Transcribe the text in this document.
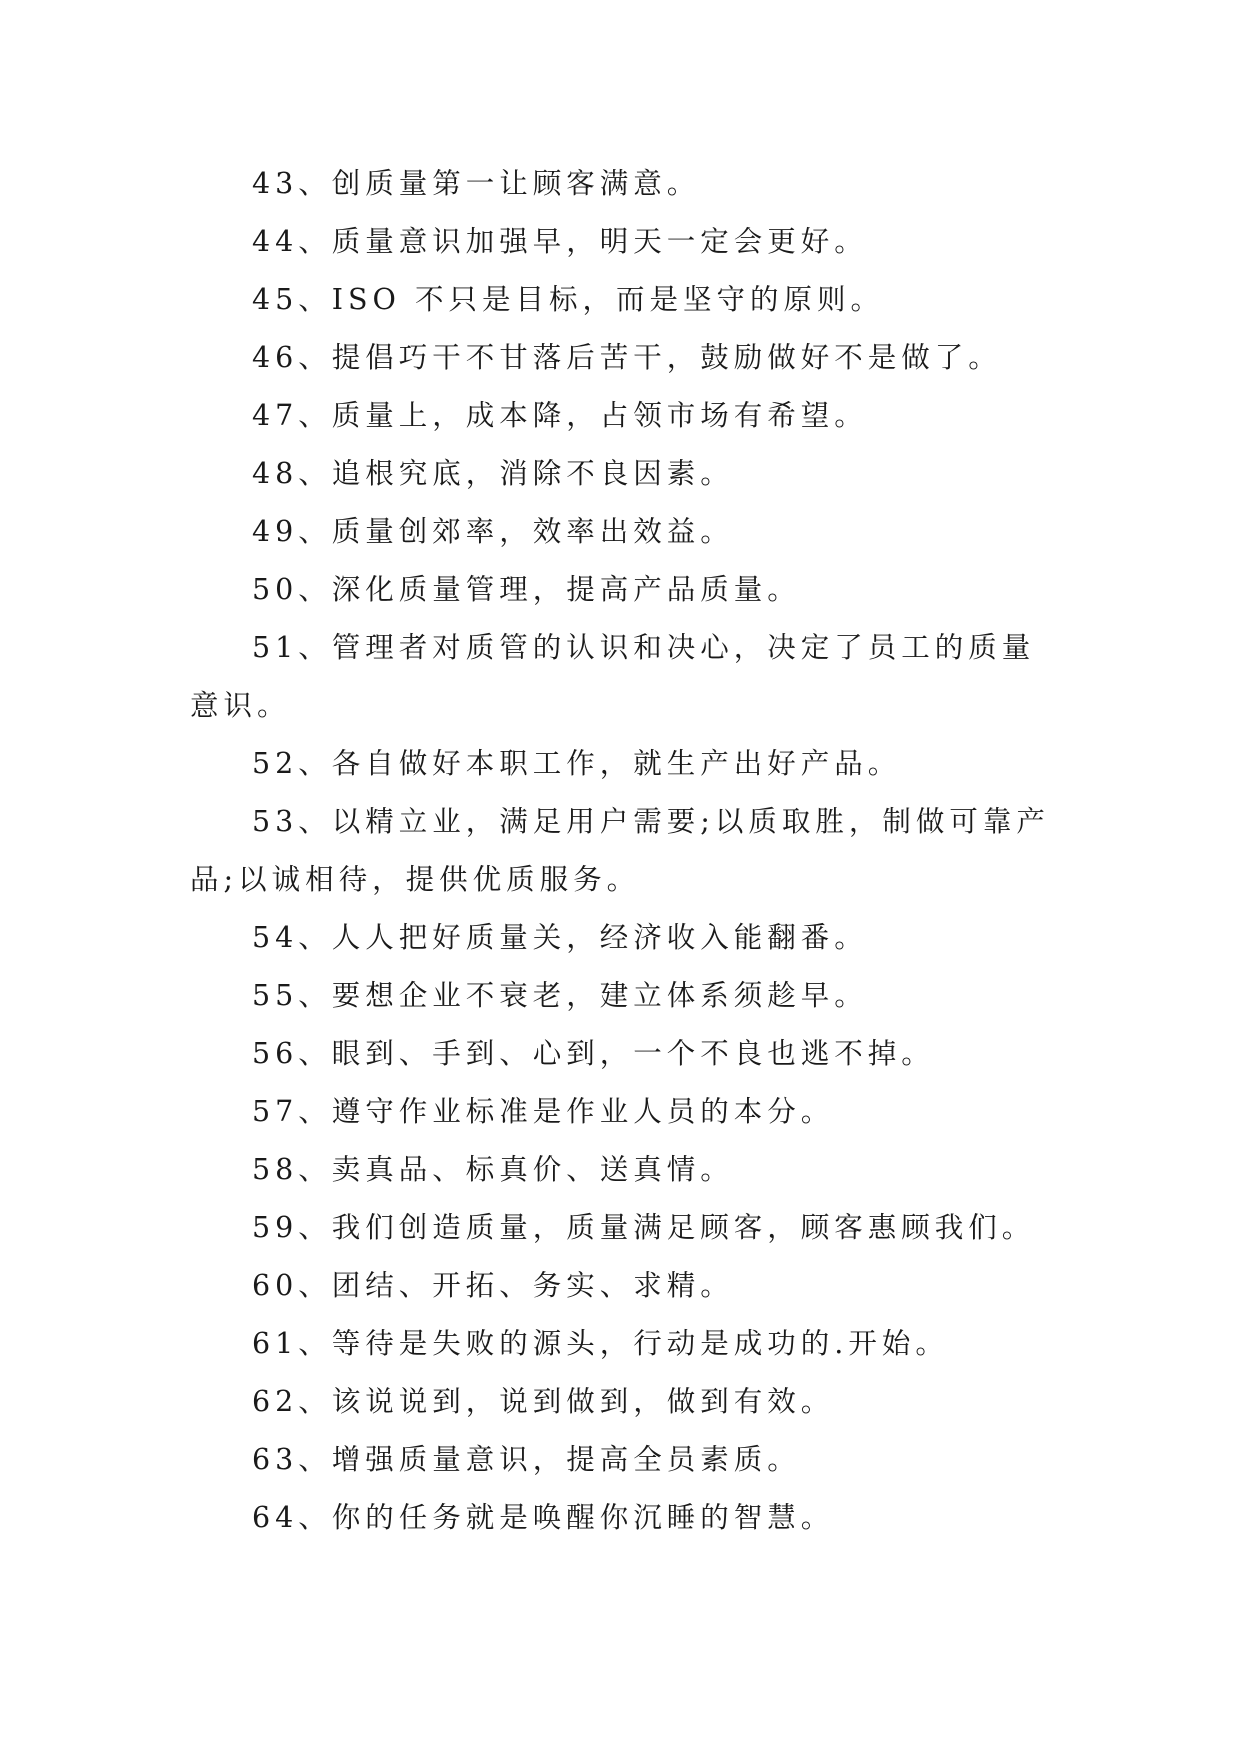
43、创质量第一让顾客满意。

44、质量意识加强早，明天一定会更好。

45、ISO 不只是目标，而是坚守的原则。

46、提倡巧干不甘落后苦干，鼓励做好不是做了。

47、质量上，成本降，占领市场有希望。

48、追根究底，消除不良因素。

49、质量创郊率，效率出效益。

50、深化质量管理，提高产品质量。

51、管理者对质管的认识和决心，决定了员工的质量意识。

52、各自做好本职工作，就生产出好产品。

53、以精立业，满足用户需要;以质取胜，制做可靠产品;以诚相待，提供优质服务。

54、人人把好质量关，经济收入能翻番。

55、要想企业不衰老，建立体系须趁早。

56、眼到、手到、心到，一个不良也逃不掉。

57、遵守作业标准是作业人员的本分。

58、卖真品、标真价、送真情。

59、我们创造质量，质量满足顾客，顾客惠顾我们。

60、团结、开拓、务实、求精。

61、等待是失败的源头，行动是成功的.开始。

62、该说说到，说到做到，做到有效。

63、增强质量意识，提高全员素质。

64、你的任务就是唤醒你沉睡的智慧。
